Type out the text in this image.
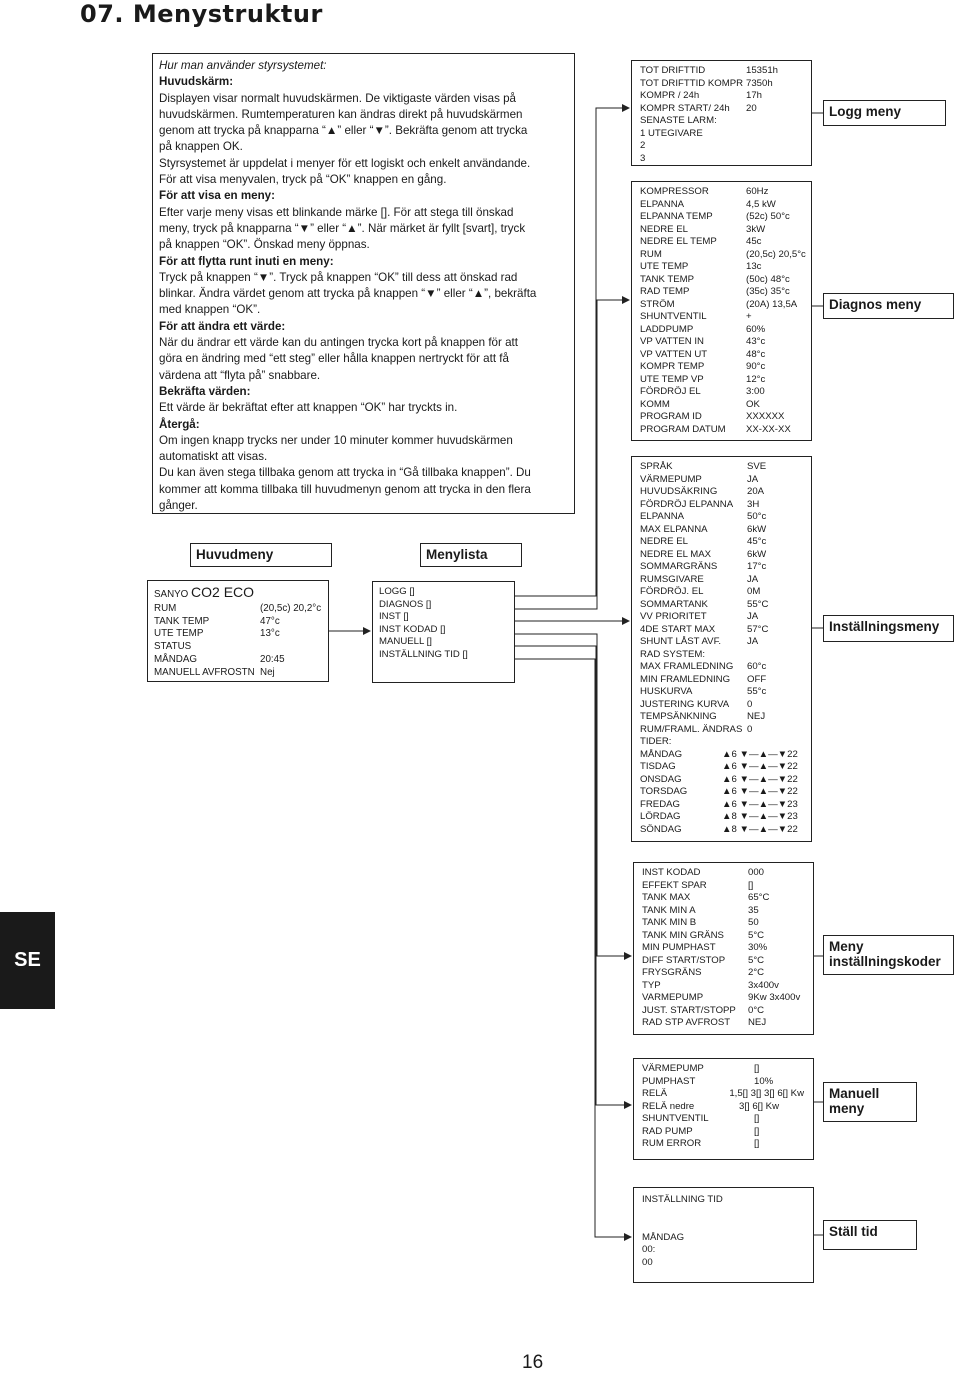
07. Menystruktur

Hur man använder styrsystemet:

Huvudskärm:

Displayen visar normalt huvudskärmen. De viktigaste värden visas på

huvudskärmen. Rumtemperaturen kan ändras direkt på huvudskärmen

genom att trycka på knapparna “▲” eller “▼”. Bekräfta genom att trycka

på knappen OK.

Styrsystemet är uppdelat i menyer för ett logiskt och enkelt användande.

För att visa menyvalen, tryck på “OK” knappen en gång.

För att visa en meny:

Efter varje meny visas ett blinkande märke []. För att stega till önskad

meny, tryck på knapparna “▼” eller “▲”. När märket är fyllt [svart], tryck

på knappen “OK”. Önskad meny öppnas.

För att flytta runt inuti en meny:

Tryck på knappen “▼”. Tryck på knappen “OK” till dess att önskad rad

blinkar. Ändra värdet genom att trycka på knappen “▼” eller “▲”, bekräfta

med knappen “OK”.

För att ändra ett värde:

När du ändrar ett värde kan du antingen trycka kort på knappen för att

göra en ändring med “ett steg” eller hålla knappen nertryckt för att få

värdena att “flyta på” snabbare.

Bekräfta värden:

Ett värde är bekräftat efter att knappen “OK” har tryckts in.

Återgå:

Om ingen knapp trycks ner under 10 minuter kommer huvudskärmen

automatiskt att visas.

Du kan även stega tillbaka genom att trycka in “Gå tillbaka knappen”. Du

kommer att komma tillbaka till huvudmenyn genom att trycka in den flera

gånger.

Huvudmeny
SANYO CO2 ECO
RUM	(20,5c) 20,2°c
TANK TEMP	47°c
UTE TEMP	13°c
STATUS
MÅNDAG	20:45
MANUELL AVFROSTN Nej
Menylista
LOGG []
DIAGNOS []
INST []
INST KODAD []
MANUELL []
INSTÄLLNING TID []
TOT DRIFTTID	15351h
TOT DRIFTTID KOMPR 7350h
KOMPR / 24h	17h
KOMPR START/ 24h	20
SENASTE LARM:
1 UTEGIVARE
2
3
Logg meny
KOMPRESSOR	60Hz
ELPANNA	4,5 kW
ELPANNA TEMP	(52c) 50°c
NEDRE EL	3kW
NEDRE EL TEMP	45c
RUM	(20,5c) 20,5°c
UTE TEMP	13c
TANK TEMP	(50c) 48°c
RAD TEMP	(35c) 35°c
STRÖM	(20A) 13,5A
SHUNTVENTIL	+
LADDPUMP	60%
VP VATTEN IN	43°c
VP VATTEN UT	48°c
KOMPR TEMP	90°c
UTE TEMP VP	12°c
FÖRDRÖJ EL	3:00
KOMM	OK
PROGRAM ID	XXXXXX
PROGRAM DATUM	XX-XX-XX
Diagnos meny
SPRÅK	SVE
VÄRMEPUMP	JA
HUVUDSÄKRING	20A
FÖRDRÖJ ELPANNA	3H
ELPANNA	50°c
MAX ELPANNA	6kW
NEDRE EL	45°c
NEDRE EL MAX	6kW
SOMMARGRÄNS	17°c
RUMSGIVARE	JA
FÖRDRÖJ. EL	0M
SOMMARTANK	55°C
VV PRIORITET	JA
4DE START MAX	57°C
SHUNT LÅST AVF.	JA
RAD SYSTEM:
MAX FRAMLEDNING	60°c
MIN FRAMLEDNING	OFF
HUSKURVA	55°c
JUSTERING KURVA	0
TEMPSÄNKNING	NEJ
RUM/FRAML. ÄNDRAS 0
TIDER:
MÅNDAG	▲6 ▼—▲—▼22
TISDAG	▲6 ▼—▲—▼22
ONSDAG	▲6 ▼—▲—▼22
TORSDAG	▲6 ▼—▲—▼22
FREDAG	▲6 ▼—▲—▼23
LÖRDAG	▲8 ▼—▲—▼23
SÖNDAG	▲8 ▼—▲—▼22
Inställningsmeny
INST KODAD	000
EFFEKT SPAR	[]
TANK MAX	65°C
TANK MIN A	35
TANK MIN B	50
TANK MIN GRÄNS	5°C
MIN PUMPHAST	30%
DIFF START/STOP	5°C
FRYSGRÄNS	2°C
TYP	3x400v
VARMEPUMP	9Kw 3x400v
JUST. START/STOPP	0°C
RAD STP AVFROST	NEJ
Meny inställningskoder
VÄRMEPUMP	[]
PUMPHAST	10%
RELÄ	1,5[] 3[] 3[] 6[] Kw
RELÄ nedre	3[] 6[] Kw
SHUNTVENTIL	[]
RAD PUMP	[]
RUM ERROR	[]
Manuell meny
INSTÄLLNING TID
MÅNDAG
00:
00
Ställ tid
SE
16
